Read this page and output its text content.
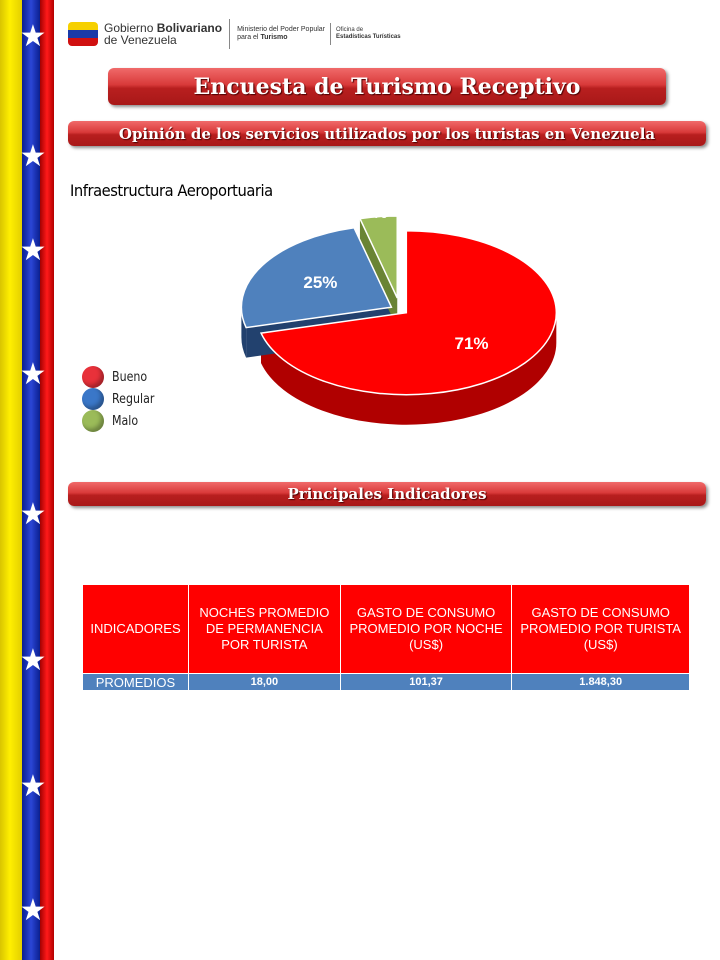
★
★
★
★
★
★
★
★
Gobierno Bolivariano
de Venezuela
Ministerio del Poder Popular
para el Turismo
Oficina de
Estadísticas Turísticas
Encuesta de Turismo Receptivo
Opinión de los servicios utilizados por los turistas en Venezuela
Infraestructura Aeroportuaria
71%
25%
4%
Bueno
Regular
Malo
Principales Indicadores
INDICADORES	NOCHES PROMEDIO DE PERMANENCIA POR TURISTA	GASTO DE CONSUMO PROMEDIO POR NOCHE (US$)	GASTO DE CONSUMO PROMEDIO POR TURISTA (US$)
PROMEDIOS	18,00	101,37	1.848,30
